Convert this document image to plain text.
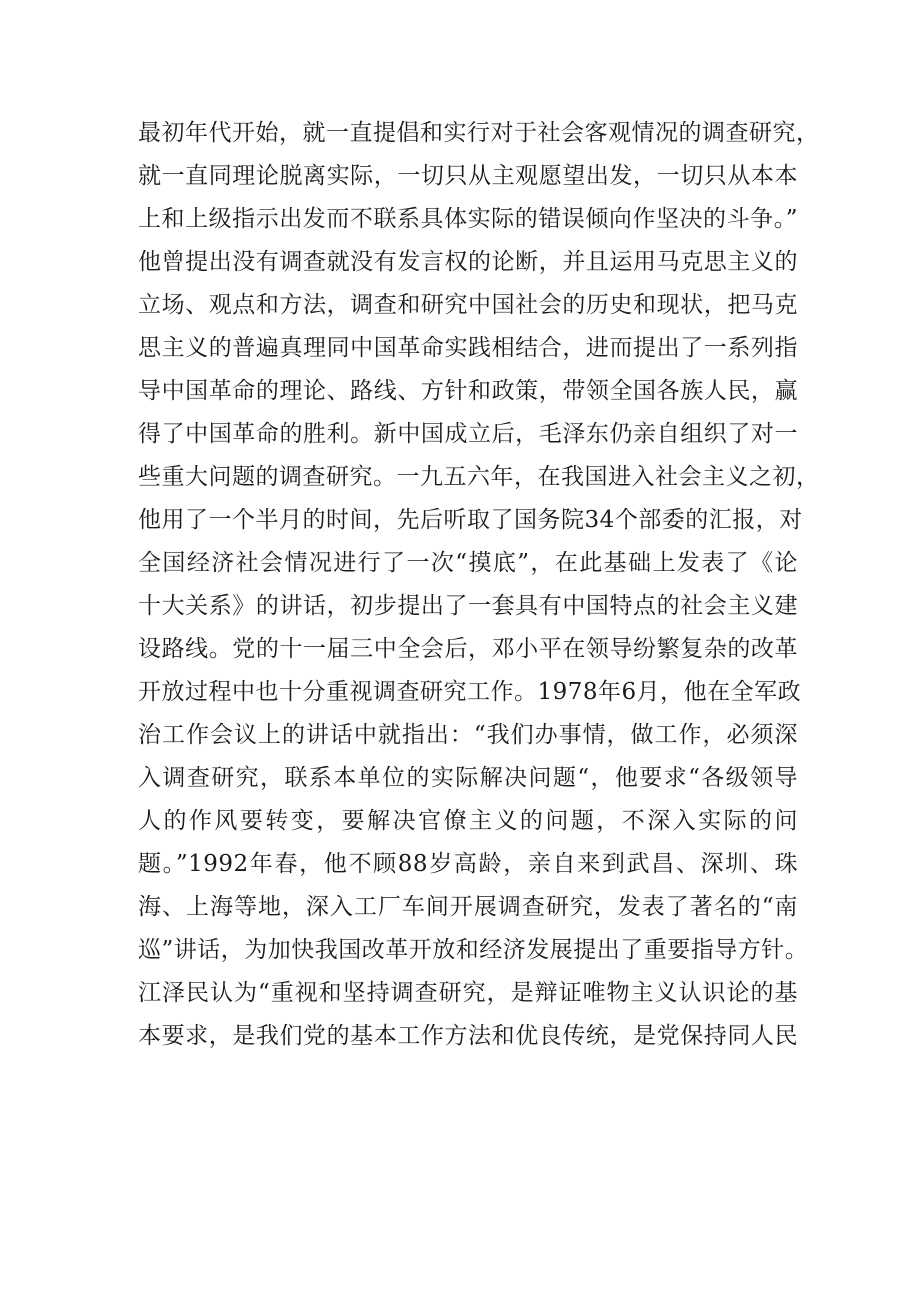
最初年代开始，就一直提倡和实行对于社会客观情况的调查研究，
就一直同理论脱离实际，一切只从主观愿望出发，一切只从本本
上和上级指示出发而不联系具体实际的错误倾向作坚决的斗争。”
他曾提出没有调查就没有发言权的论断，并且运用马克思主义的
立场、观点和方法，调查和研究中国社会的历史和现状，把马克
思主义的普遍真理同中国革命实践相结合，进而提出了一系列指
导中国革命的理论、路线、方针和政策，带领全国各族人民，赢
得了中国革命的胜利。新中国成立后，毛泽东仍亲自组织了对一
些重大问题的调查研究。一九五六年，在我国进入社会主义之初，
他用了一个半月的时间，先后听取了国务院34个部委的汇报，对
全国经济社会情况进行了一次“摸底”，在此基础上发表了《论
十大关系》的讲话，初步提出了一套具有中国特点的社会主义建
设路线。党的十一届三中全会后，邓小平在领导纷繁复杂的改革
开放过程中也十分重视调查研究工作。1978年6月，他在全军政
治工作会议上的讲话中就指出：“我们办事情，做工作，必须深
入调查研究，联系本单位的实际解决问题“，他要求“各级领导
人的作风要转变，要解决官僚主义的问题，不深入实际的问
题。”1992年春，他不顾88岁高龄，亲自来到武昌、深圳、珠
海、上海等地，深入工厂车间开展调查研究，发表了著名的“南
巡”讲话，为加快我国改革开放和经济发展提出了重要指导方针。
江泽民认为“重视和坚持调查研究，是辩证唯物主义认识论的基
本要求，是我们党的基本工作方法和优良传统，是党保持同人民
